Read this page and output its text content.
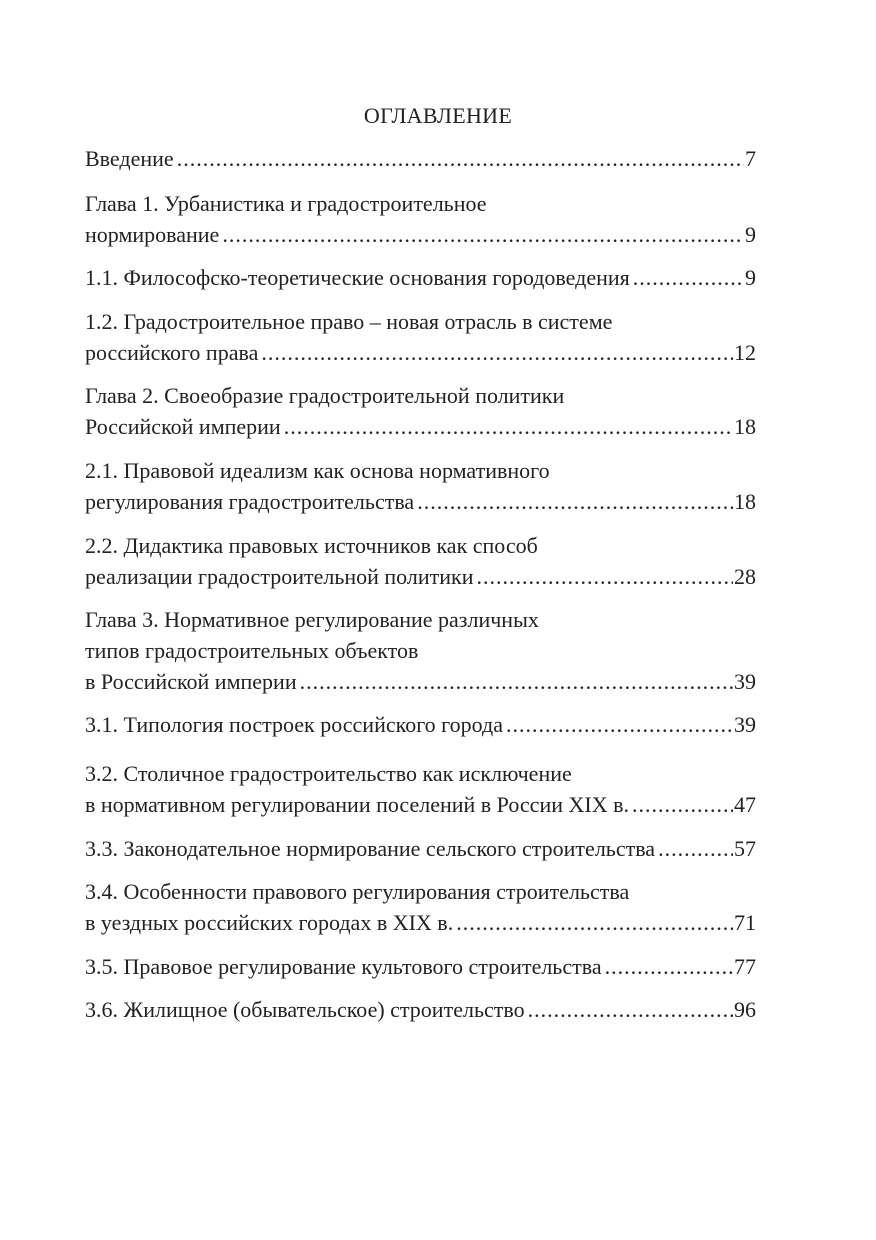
ОГЛАВЛЕНИЕ
Введение .....	7
Глава 1. Урбанистика и градостроительное
нормирование .....	9
1.1. Философско-теоретические основания городоведения .....	9
1.2. Градостроительное право – новая отрасль в системе
российского права .....	12
Глава 2. Своеобразие градостроительной политики
Российской империи .....	18
2.1. Правовой идеализм как основа нормативного
регулирования градостроительства .....	18
2.2. Дидактика правовых источников как способ
реализации градостроительной политики .....	28
Глава 3. Нормативное регулирование различных
типов градостроительных объектов
в Российской империи .....	39
3.1. Типология построек российского города .....	39
3.2. Столичное градостроительство как исключение
в нормативном регулировании поселений в России XIX в. .....	47
3.3. Законодательное нормирование сельского строительства .....	57
3.4. Особенности правового регулирования строительства
в уездных российских городах в XIX в. .....	71
3.5. Правовое регулирование культового строительства .....	77
3.6. Жилищное (обывательское) строительство .....	96
